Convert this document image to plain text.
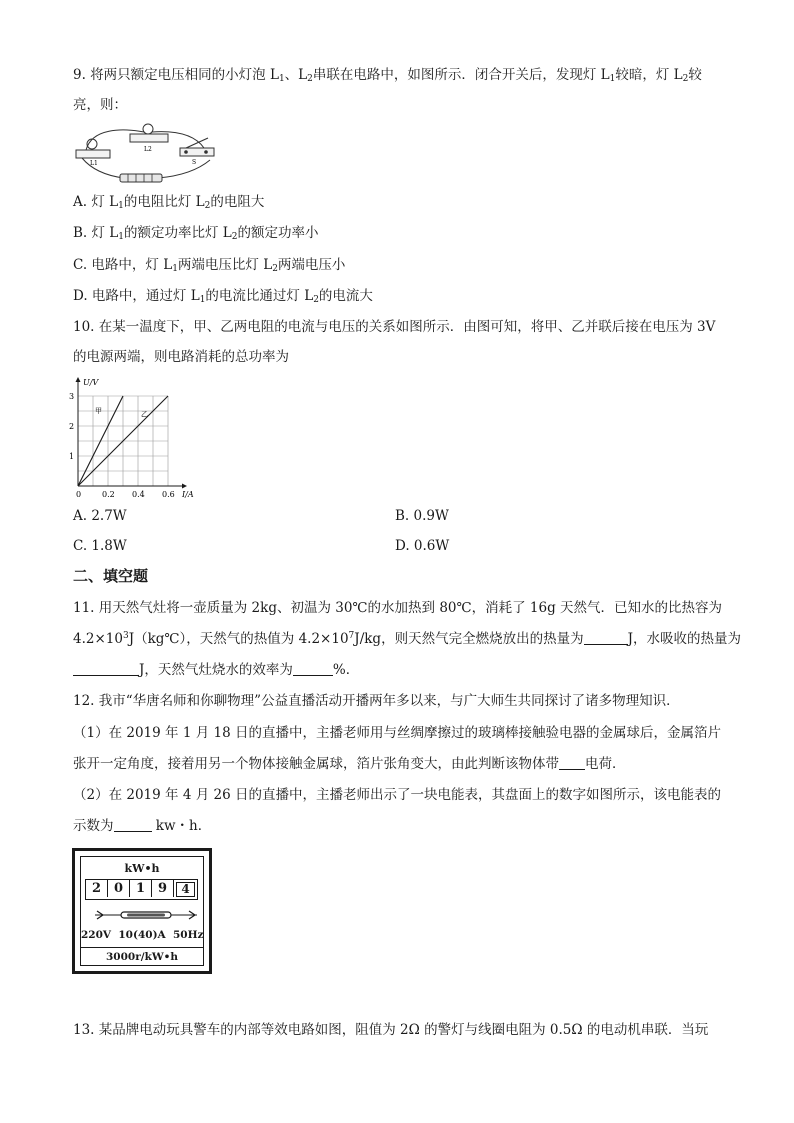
9. 将两只额定电压相同的小灯泡 $L_1$、$L_2$串联在电路中，如图所示．闭合开关后，发现灯 $L_1$较暗，灯 $L_2$较
亮，则：
L1
L2
S
A. 灯 $L_1$的电阻比灯 $L_2$的电阻大
B. 灯 $L_1$的额定功率比灯 $L_2$的额定功率小
C. 电路中，灯 $L_1$两端电压比灯 $L_2$两端电压小
D. 电路中，通过灯 $L_1$的电流比通过灯 $L_2$的电流大
10. 在某一温度下，甲、乙两电阻的电流与电压的关系如图所示．由图可知，将甲、乙并联后接在电压为 3V
的电源两端，则电路消耗的总功率为
甲	乙
0	0.2 0.4 0.6
1
2
3
I/A
U/V
A. 2.7W	B. 0.9W
C. 1.8W	D. 0.6W
二、填空题
11. 用天然气灶将一壶质量为 2kg、初温为 30℃的水加热到 80℃，消耗了 16g 天然气．已知水的比热容为
$4.2\times 10^3J(kg℃)$，天然气的热值为 $4.2\times 10^7J/kg$，则天然气完全燃烧放出的热量为	J，水吸收的热量为
J，天然气灶烧水的效率为	%．
12. 我市“华唐名师和你聊物理”公益直播活动开播两年多以来，与广大师生共同探讨了诸多物理知识．
（1）在 2019 年 1 月 18 日的直播中，主播老师用与丝绸摩擦过的玻璃棒接触验电器的金属球后，金属箔片
张开一定角度，接着用另一个物体接触金属球，箔片张角变大，由此判断该物体带 电荷．
（2）在 2019 年 4 月 26 日的直播中，主播老师出示了一块电能表，其盘面上的数字如图所示，该电能表的
示数为	kw・h．
kW•h
2 0 1 9	4
220V  10(40)A  50Hz
3000r/kW•h
13. 某品牌电动玩具警车的内部等效电路如图，阻值为 2Ω 的警灯与线圈电阻为 0.5Ω 的电动机串联．当玩
